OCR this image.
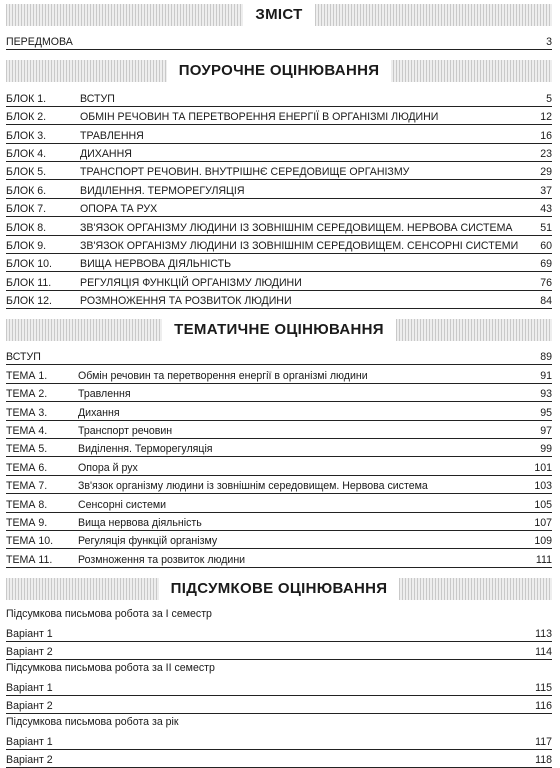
ЗМІСТ
ПЕРЕДМОВА	3
ПОУРОЧНЕ ОЦІНЮВАННЯ
БЛОК 1.	ВСТУП	5
БЛОК 2.	ОБМІН РЕЧОВИН ТА ПЕРЕТВОРЕННЯ ЕНЕРГІЇ В ОРГАНІЗМІ ЛЮДИНИ	12
БЛОК 3.	ТРАВЛЕННЯ	16
БЛОК 4.	ДИХАННЯ	23
БЛОК 5.	ТРАНСПОРТ РЕЧОВИН. ВНУТРІШНЄ СЕРЕДОВИЩЕ ОРГАНІЗМУ	29
БЛОК 6.	ВИДІЛЕННЯ. ТЕРМОРЕГУЛЯЦІЯ	37
БЛОК 7.	ОПОРА ТА РУХ	43
БЛОК 8.	ЗВ'ЯЗОК ОРГАНІЗМУ ЛЮДИНИ ІЗ ЗОВНІШНІМ СЕРЕДОВИЩЕМ. НЕРВОВА СИСТЕМА	51
БЛОК 9.	ЗВ'ЯЗОК ОРГАНІЗМУ ЛЮДИНИ ІЗ ЗОВНІШНІМ СЕРЕДОВИЩЕМ. СЕНСОРНІ СИСТЕМИ	60
БЛОК 10.	ВИЩА НЕРВОВА ДІЯЛЬНІСТЬ	69
БЛОК 11.	РЕГУЛЯЦІЯ ФУНКЦІЙ ОРГАНІЗМУ ЛЮДИНИ	76
БЛОК 12.	РОЗМНОЖЕННЯ ТА РОЗВИТОК ЛЮДИНИ	84
ТЕМАТИЧНЕ ОЦІНЮВАННЯ
ВСТУП	89
ТЕМА 1.	Обмін речовин та перетворення енергії в організмі людини	91
ТЕМА 2.	Травлення	93
ТЕМА 3.	Дихання	95
ТЕМА 4.	Транспорт речовин	97
ТЕМА 5.	Виділення. Терморегуляція	99
ТЕМА 6.	Опора й рух	101
ТЕМА 7.	Зв'язок організму людини із зовнішнім середовищем. Нервова система	103
ТЕМА 8.	Сенсорні системи	105
ТЕМА 9.	Вища нервова діяльність	107
ТЕМА 10.	Регуляція функцій організму	109
ТЕМА 11.	Розмноження та розвиток людини	111
ПІДСУМКОВЕ ОЦІНЮВАННЯ
Підсумкова письмова робота за І семестр
Варіант 1	113
Варіант 2	114
Підсумкова письмова робота за ІІ семестр
Варіант 1	115
Варіант 2	116
Підсумкова письмова робота за рік
Варіант 1	117
Варіант 2	118
